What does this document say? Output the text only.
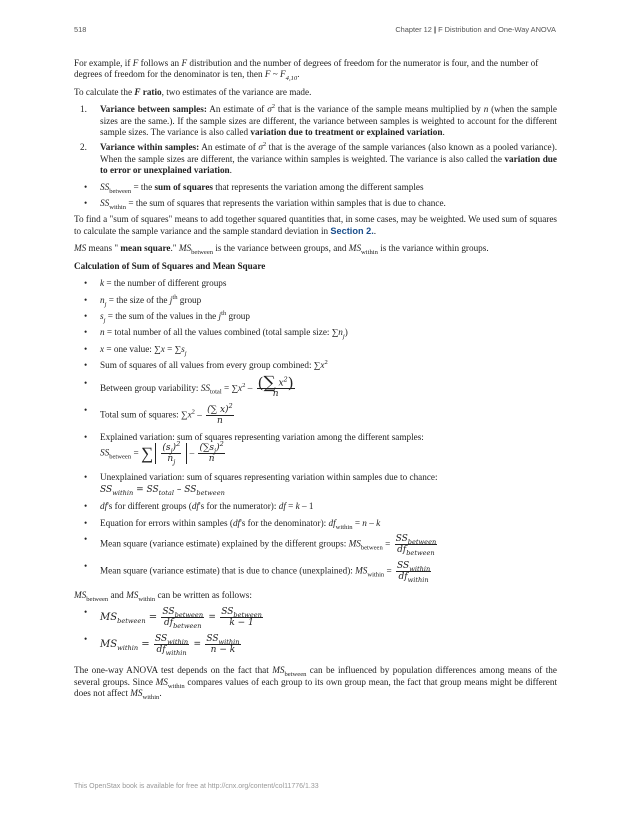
518	Chapter 12 | F Distribution and One-Way ANOVA

For example, if F follows an F distribution and the number of degrees of freedom for the numerator is four, and the number of degrees of freedom for the denominator is ten, then F ~ $F_{4,10}$.

To calculate the F ratio, two estimates of the variance are made.

1. Variance between samples: An estimate of $\sigma^2$ that is the variance of the sample means multiplied by n (when the sample sizes are the same.). If the sample sizes are different, the variance between samples is weighted to account for the different sample sizes. The variance is also called variation due to treatment or explained variation.
2. Variance within samples: An estimate of $\sigma^2$ that is the average of the sample variances (also known as a pooled variance). When the sample sizes are different, the variance within samples is weighted. The variance is also called the variation due to error or unexplained variation.
• $SS_{between}$ = the sum of squares that represents the variation among the different samples
• $SS_{within}$ = the sum of squares that represents the variation within samples that is due to chance.

To find a "sum of squares" means to add together squared quantities that, in some cases, may be weighted. We used sum of squares to calculate the sample variance and the sample standard deviation in Section 2..

MS means " mean square." $MS_{between}$ is the variance between groups, and $MS_{within}$ is the variance within groups.

Calculation of Sum of Squares and Mean Square

• k = the number of different groups
• $n_j$ = the size of the $j^{th}$ group
• $s_j$ = the sum of the values in the $j^{th}$ group
• n = total number of all the values combined (total sample size: $\sum n_j$)
• x = one value: $\sum x = \sum s_j$
• Sum of squares of all values from every group combined: $\sum x^2$
• Between group variability: $SS_{total} = \sum x^2 - \frac{(\sum x^2)}{n}$
• Total sum of squares: $\sum x^2 - \frac{(\sum x)^2}{n}$
• Explained variation: sum of squares representing variation among the different samples:
$SS_{between}$ = ∑ $\frac{(s_j)^2}{n_j} - \frac{(\sum s_j)^2}{n}$
• Unexplained variation: sum of squares representing variation within samples due to chance:
$SS_{within} = SS_{total} - SS_{between}$
• df's for different groups (df's for the numerator): df = k – 1
• Equation for errors within samples (df's for the denominator): $df_{within} = n - k$
• Mean square (variance estimate) explained by the different groups: $MS_{between} = SS_{between}$
$df_{between}$
• Mean square (variance estimate) that is due to chance (unexplained): $MS_{within} = SS_{within}$
$df_{within}$

$MS_{between}$ and $MS_{within}$ can be written as follows:

• $MS_{between} = SS_{between}$
$df_{between}$
=
$SS_{between}$
k − 1
• $MS_{within} = SS_{within}$
$df_{within}$
=
$SS_{within}$
n − k

The one-way ANOVA test depends on the fact that $MS_{between}$ can be influenced by population differences among means of the several groups. Since $MS_{within}$ compares values of each group to its own group mean, the fact that group means might be different does not affect $MS_{within}$.

This OpenStax book is available for free at http://cnx.org/content/col11776/1.33
